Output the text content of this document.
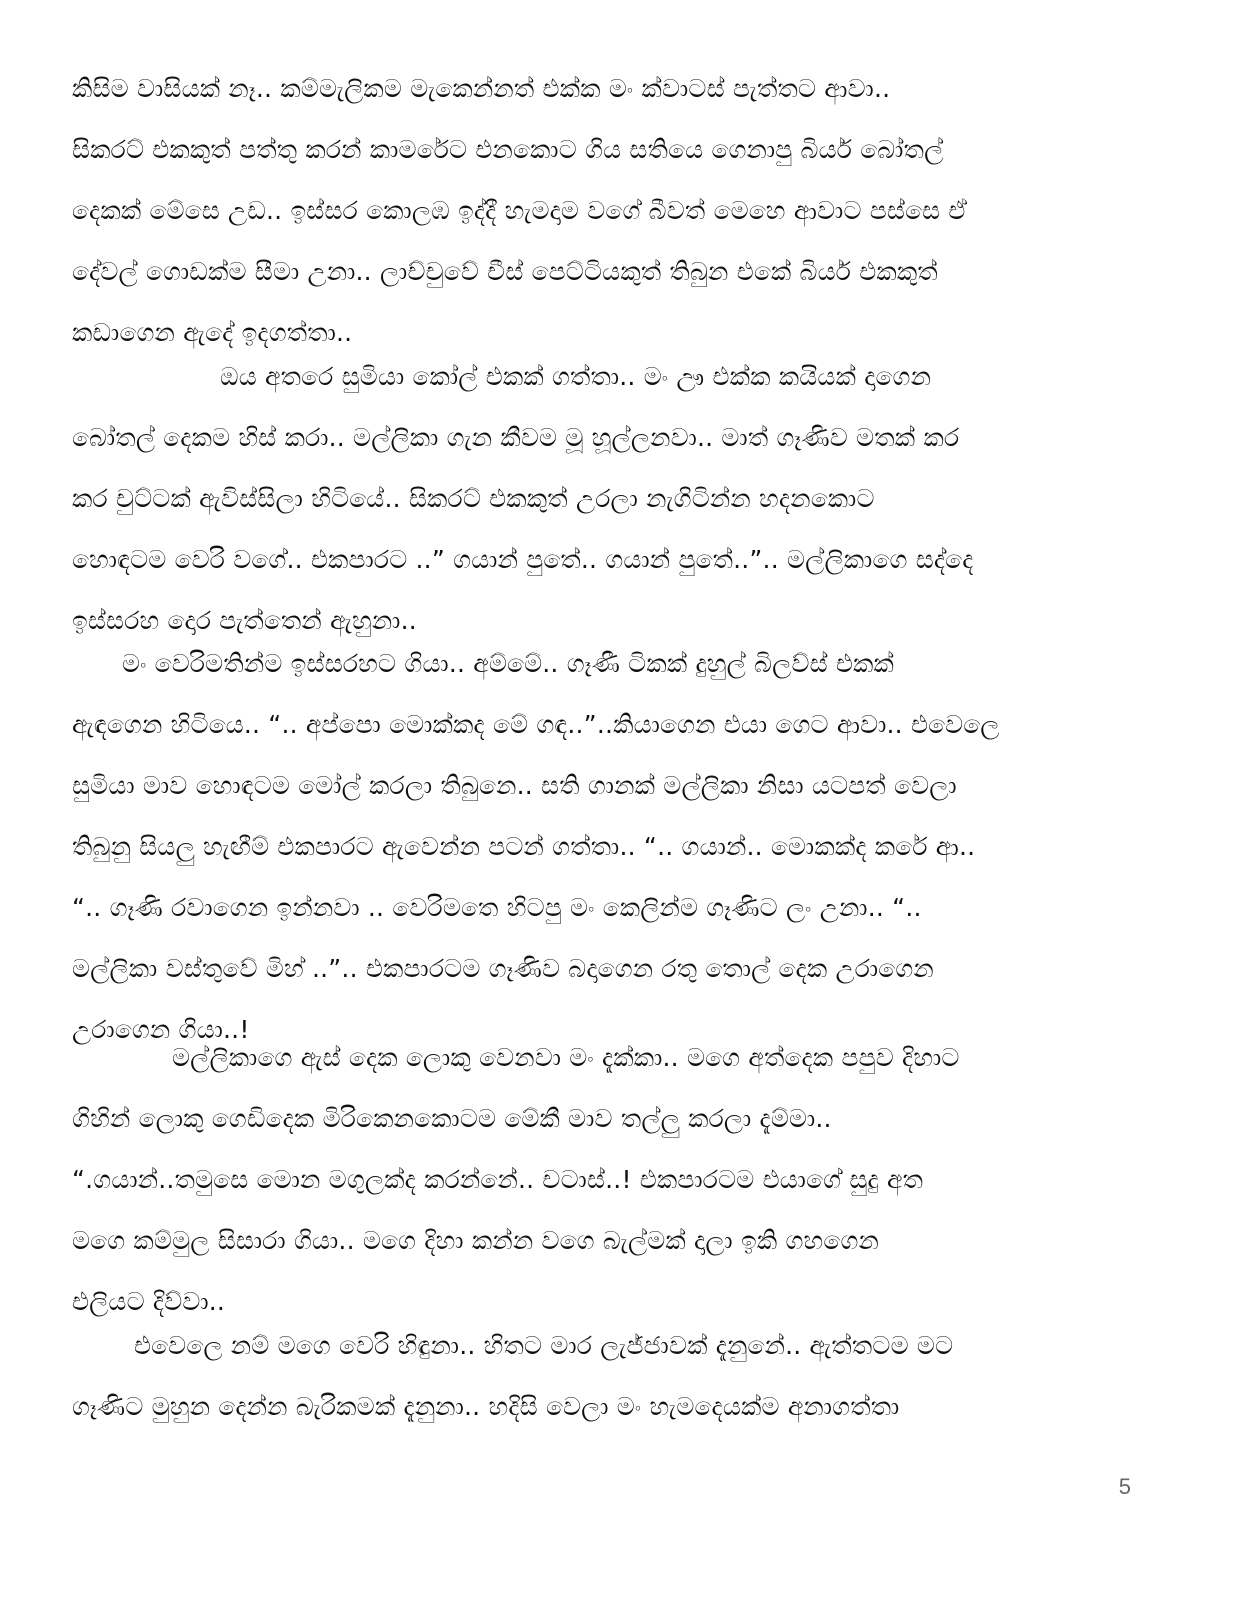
කිසිම වාසියක් නෑ.. කම්මැලිකම මැකෙන්නත් එක්ක මං ක්වාටස් පැත්තට ආවා..
සිකරට් එකකුත් පත්තු කරන් කාමරේට එනකොට ගිය සතියෙ ගෙනාපු බියර් බෝතල්
දෙකක් මේසෙ උඩ.. ඉස්සර කොලඹ ඉද්දී හැමදාම වගේ බීවත් මෙහෙ ආවාට පස්සෙ ඒ
දේවල් ගොඩක්ම සීමා උනා.. ලාච්චුවේ චීස් පෙට්ටියකුත් තිබුන එකේ බියර් එකකුත්
කඩාගෙන ඇදේ ඉදගත්තා..
ඔය අතරෙ සුමියා කෝල් එකක් ගත්තා.. මං ඌ එක්ක කයියක් දාගෙන
බෝතල් දෙකම හිස් කරා.. මල්ලිකා ගැන කීවම මූ හූල්ලනවා.. මාත් ගෑණිව මතක් කර
කර චුට්ටක් ඇවිස්සිලා හිටියේ.. සිකරට් එකකුත් උරලා නැගිටින්න හදනකොට
හොඳටම වෙරි වගේ.. එකපාරට ..” ගයාන් පුතේ.. ගයාන් පුතේ..”.. මල්ලිකාගෙ සද්දෙ
ඉස්සරහ දොර පැත්තෙන් ඇහුනා..
මං වෙරිමතින්ම ඉස්සරහට ගියා.. අම්මේ.. ගෑණී ටිකක් දුහුල් බිලව්ස් එකක්
ඇඳගෙන හිටියෙ.. “.. අප්පො මොක්කද මේ ගඳ..”..කියාගෙන එයා ගෙට ආවා.. එවෙලෙ
සුමියා මාව හොඳටම මෝල් කරලා තිබුනෙ.. සති ගානක් මල්ලිකා නිසා යටපත් වෙලා
තිබුනු සියලු හැඟීම් එකපාරට ඇවෙන්න පටන් ගත්තා.. “.. ගයාන්.. මොකක්ද කරේ ආ..
“.. ගෑණි රවාගෙන ඉන්නවා .. වෙරිමතෙ හිටපු මං කෙලින්ම ගෑණිට ලං උනා.. “..
මල්ලිකා වස්තුවේ මිහ් ..”.. එකපාරටම ගෑණිව බදාගෙන රතු තොල් දෙක උරාගෙන
උරාගෙන ගියා..!
මල්ලිකාගෙ ඇස් දෙක ලොකු වෙනවා මං දැක්කා.. මගෙ අත්දෙක පපුව දිහාට
ගිහින් ලොකු ගෙඩිදෙක මිරිකෙනකොටම මේකී මාව තල්ලු කරලා දැම්මා..
“.ගයාන්..තමුසෙ මොන මගුලක්ද කරන්නේ.. චටාස්..! එකපාරටම එයාගේ සුදු අත
මගෙ කම්මුල සිසාරා ගියා.. මගෙ දිහා කන්න වගෙ බැල්මක් දාලා ඉකි ගහගෙන
එලියට දිව්වා..
එවෙලෙ නම් මගෙ වෙරි හිඳුනා.. හිතට මාර ලැජ්ජාවක් දැනුනේ.. ඇත්තටම මට
ගෑණිට මුහුන දෙන්න බැරිකමක් දැනුනා.. හදිසි වෙලා මං හැමදෙයක්ම අනාගත්තා
5
